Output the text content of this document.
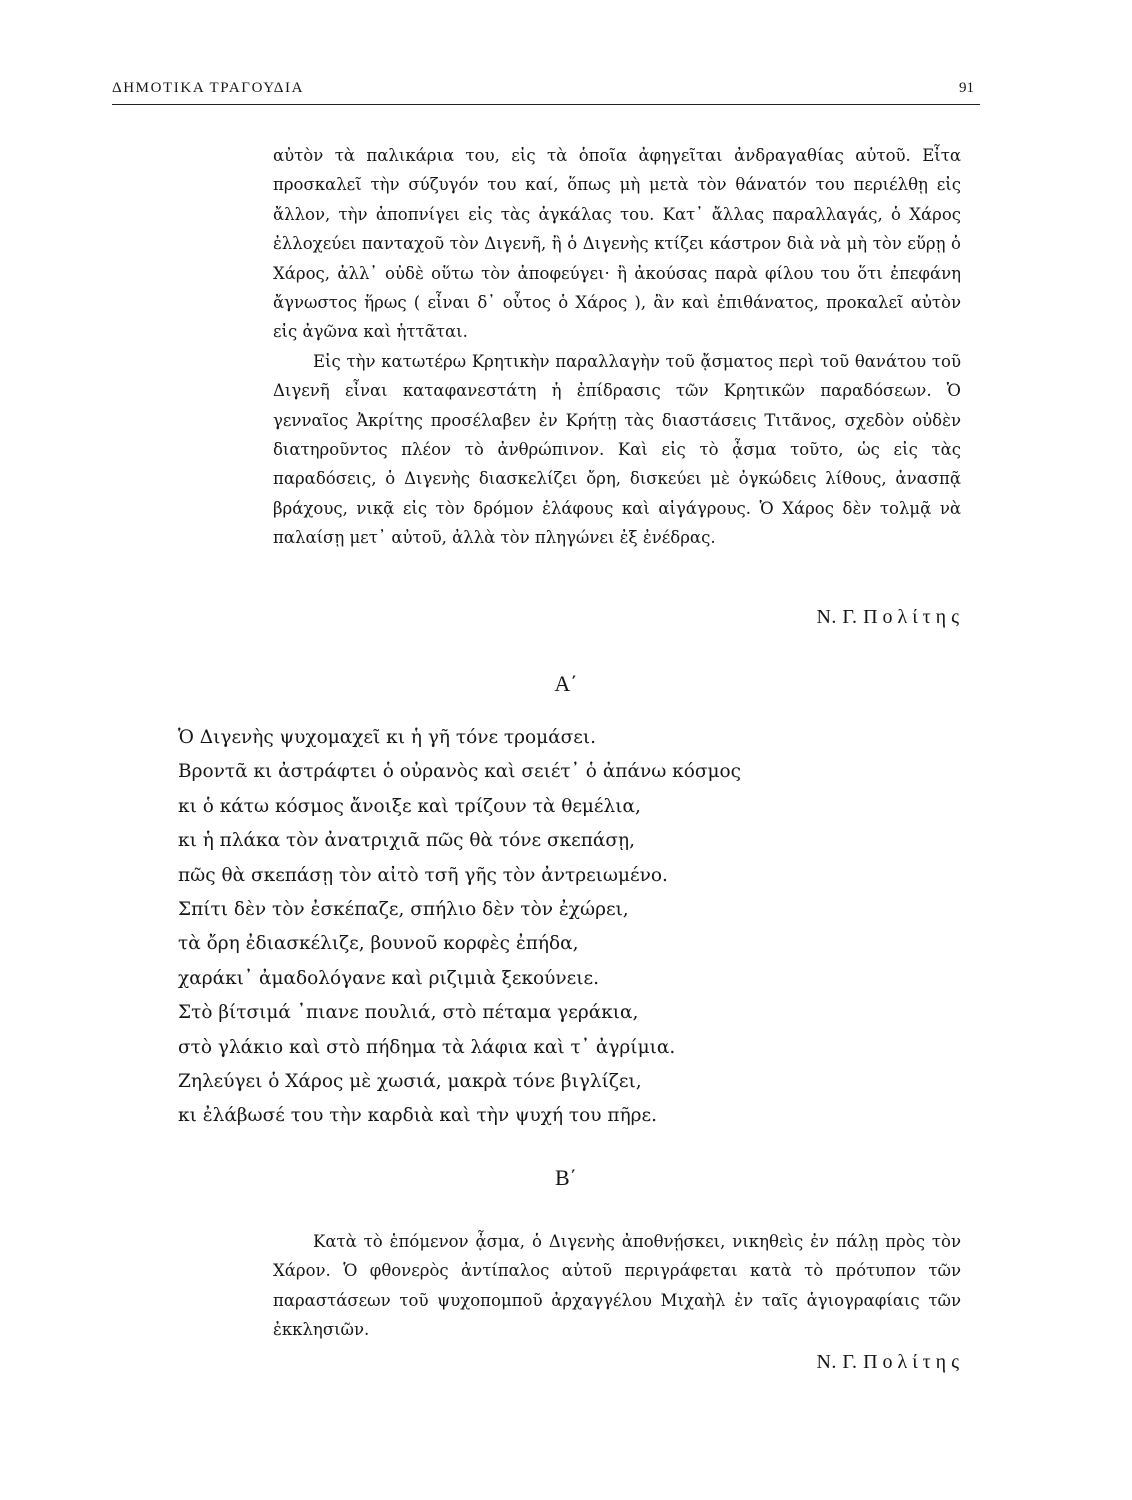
ΔΗΜΟΤΙΚΑ ΤΡΑΓΟΥΔΙΑ	91

αὐτὸν τὰ παλικάρια του, εἰς τὰ ὁποῖα ἀφηγεῖται ἀνδραγαθίας αὐτοῦ. Εἶτα προσκαλεῖ τὴν σύζυγόν του καί, ὅπως μὴ μετὰ τὸν θάνατόν του περιέλθῃ εἰς ἄλλον, τὴν ἀποπνίγει εἰς τὰς ἀγκάλας του. Κατ᾽ ἄλλας παραλλαγάς, ὁ Χάρος ἐλλοχεύει πανταχοῦ τὸν Διγενῆ, ἢ ὁ Διγενὴς κτίζει κάστρον διὰ νὰ μὴ τὸν εὕρῃ ὁ Χάρος, ἀλλ᾽ οὐδὲ οὕτω τὸν ἀποφεύγει· ἢ ἀκούσας παρὰ φίλου του ὅτι ἐπεφάνη ἄγνωστος ἥρως ( εἶναι δ᾽ οὗτος ὁ Χάρος ), ἂν καὶ ἐπιθάνατος, προκαλεῖ αὐτὸν εἰς ἀγῶνα καὶ ἡττᾶται.

Εἰς τὴν κατωτέρω Κρητικὴν παραλλαγὴν τοῦ ᾄσματος περὶ τοῦ θανάτου τοῦ Διγενῆ εἶναι καταφανεστάτη ἡ ἐπίδρασις τῶν Κρητικῶν παραδόσεων. Ὁ γενναῖος Ἀκρίτης προσέλαβεν ἐν Κρήτῃ τὰς διαστάσεις Τιτᾶνος, σχεδὸν οὐδὲν διατηροῦντος πλέον τὸ ἀνθρώπινον. Καὶ εἰς τὸ ᾆσμα τοῦτο, ὡς εἰς τὰς παραδόσεις, ὁ Διγενὴς διασκελίζει ὄρη, δισκεύει μὲ ὀγκώδεις λίθους, ἀνασπᾷ βράχους, νικᾷ εἰς τὸν δρόμον ἐλάφους καὶ αἰγάγρους. Ὁ Χάρος δὲν τολμᾷ νὰ παλαίσῃ μετ᾽ αὐτοῦ, ἀλλὰ τὸν πληγώνει ἐξ ἐνέδρας.

Ν. Γ. Πολίτης
Α΄
Ὁ Διγενὴς ψυχομαχεῖ κι ἡ γῆ τόνε τρομάσει.
Βροντᾶ κι ἀστράφτει ὁ οὐρανὸς καὶ σειέτ᾽ ὁ ἀπάνω κόσμος
κι ὁ κάτω κόσμος ἄνοιξε καὶ τρίζουν τὰ θεμέλια,
κι ἡ πλάκα τὸν ἀνατριχιᾶ πῶς θὰ τόνε σκεπάσῃ,
πῶς θὰ σκεπάσῃ τὸν αἰτὸ τσῆ γῆς τὸν ἀντρειωμένο.
Σπίτι δὲν τὸν ἐσκέπαζε, σπήλιο δὲν τὸν ἐχώρει,
τὰ ὄρη ἐδιασκέλιζε, βουνοῦ κορφὲς ἐπήδα,
χαράκι᾽ ἀμαδολόγανε καὶ ριζιμιὰ ξεκούνειε.
Στὸ βίτσιμά ᾽πιανε πουλιά, στὸ πέταμα γεράκια,
στὸ γλάκιο καὶ στὸ πήδημα τὰ λάφια καὶ τ᾽ ἀγρίμια.
Ζηλεύγει ὁ Χάρος μὲ χωσιά, μακρὰ τόνε βιγλίζει,
κι ἐλάβωσέ του τὴν καρδιὰ καὶ τὴν ψυχή του πῆρε.
Β΄

Κατὰ τὸ ἑπόμενον ᾆσμα, ὁ Διγενὴς ἀποθνῄσκει, νικηθεὶς ἐν πάλῃ πρὸς τὸν Χάρον. Ὁ φθονερὸς ἀντίπαλος αὐτοῦ περιγράφεται κατὰ τὸ πρότυπον τῶν παραστάσεων τοῦ ψυχοπομποῦ ἀρχαγγέλου Μιχαὴλ ἐν ταῖς ἁγιογραφίαις τῶν ἐκκλησιῶν.

Ν. Γ. Πολίτης
